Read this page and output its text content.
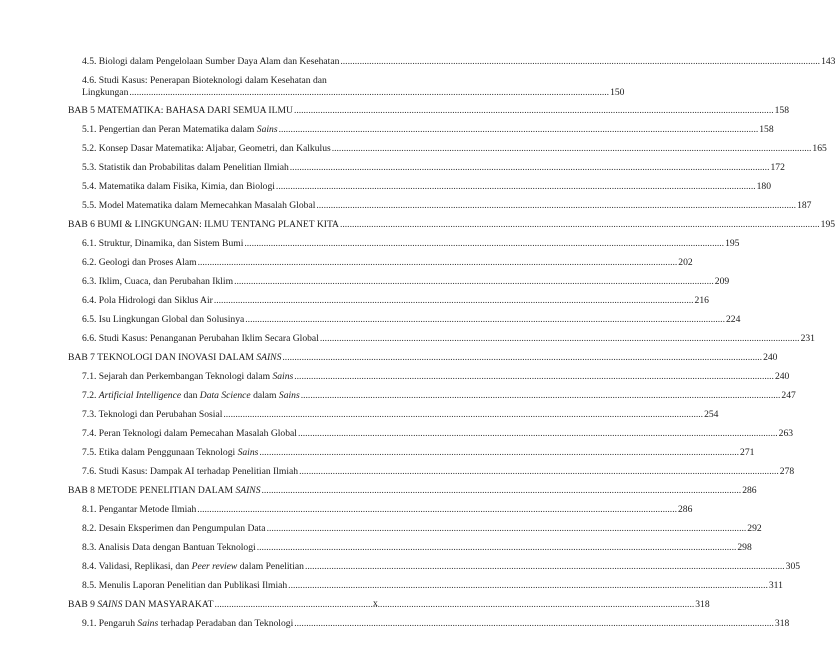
4.5. Biologi dalam Pengelolaan Sumber Daya Alam dan Kesehatan .....	143
4.6. Studi Kasus: Penerapan Bioteknologi dalam Kesehatan dan
Lingkungan .....	150
BAB 5 MATEMATIKA: BAHASA DARI SEMUA ILMU .....	158
5.1. Pengertian dan Peran Matematika dalam Sains .....	158
5.2. Konsep Dasar Matematika: Aljabar, Geometri, dan Kalkulus .....	165
5.3. Statistik dan Probabilitas dalam Penelitian Ilmiah .....	172
5.4. Matematika dalam Fisika, Kimia, dan Biologi .....	180
5.5. Model Matematika dalam Memecahkan Masalah Global .....	187
BAB 6 BUMI & LINGKUNGAN: ILMU TENTANG PLANET KITA .....	195
6.1. Struktur, Dinamika, dan Sistem Bumi .....	195
6.2. Geologi dan Proses Alam .....	202
6.3. Iklim, Cuaca, dan Perubahan Iklim .....	209
6.4. Pola Hidrologi dan Siklus Air .....	216
6.5. Isu Lingkungan Global dan Solusinya .....	224
6.6. Studi Kasus: Penanganan Perubahan Iklim Secara Global .....	231
BAB 7 TEKNOLOGI DAN INOVASI DALAM SAINS .....	240
7.1. Sejarah dan Perkembangan Teknologi dalam Sains .....	240
7.2. Artificial Intelligence dan Data Science dalam Sains .....	247
7.3. Teknologi dan Perubahan Sosial .....	254
7.4. Peran Teknologi dalam Pemecahan Masalah Global .....	263
7.5. Etika dalam Penggunaan Teknologi Sains .....	271
7.6. Studi Kasus: Dampak AI terhadap Penelitian Ilmiah .....	278
BAB 8 METODE PENELITIAN DALAM SAINS .....	286
8.1. Pengantar Metode Ilmiah .....	286
8.2. Desain Eksperimen dan Pengumpulan Data .....	292
8.3. Analisis Data dengan Bantuan Teknologi .....	298
8.4. Validasi, Replikasi, dan Peer review dalam Penelitian .....	305
8.5. Menulis Laporan Penelitian dan Publikasi Ilmiah .....	311
BAB 9 SAINS DAN MASYARAKAT .....	318
9.1. Pengaruh Sains terhadap Peradaban dan Teknologi .....	318
x
